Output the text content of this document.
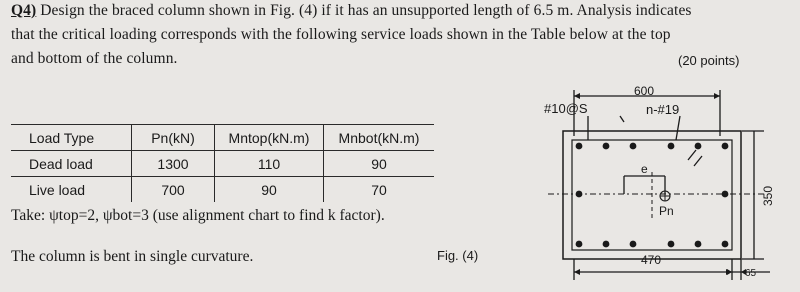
Q4) Design the braced column shown in Fig. (4) if it has an unsupported length of 6.5 m. Analysis indicates
that the critical loading corresponds with the following service loads shown in the Table below at the top
and bottom of the column.	(20 points)
Load Type	Pn(kN)	Mntop(kN.m)	Mnbot(kN.m)
Dead load	1300	110	90
Live load	700	90	70
Take: ψtop=2, ψbot=3 (use alignment chart to find k factor).
The column is bent in single curvature.	Fig. (4)
600
#10@S	n-#19
e
Pn
470
65
350
